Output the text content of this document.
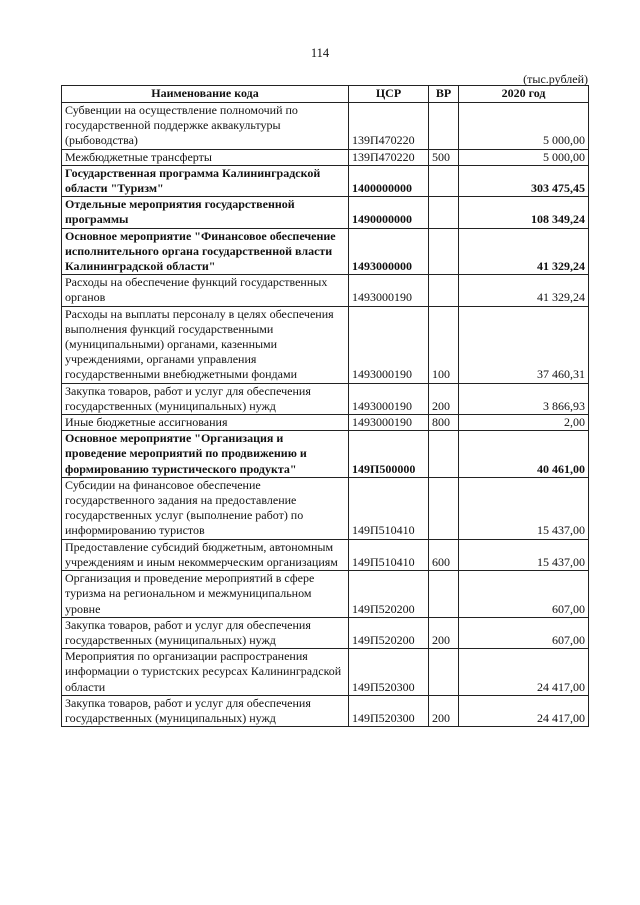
114
(тыс.рублей)
Наименование кода	ЦСР	ВР	2020 год
Субвенции на осуществление полномочий по государственной поддержке аквакультуры (рыбоводства)	139П470220		5 000,00
Межбюджетные трансферты	139П470220	500	5 000,00
Государственная программа Калининградской области "Туризм"	1400000000		303 475,45
Отдельные мероприятия государственной программы	1490000000		108 349,24
Основное мероприятие "Финансовое обеспечение исполнительного органа государственной власти Калининградской области"	1493000000		41 329,24
Расходы на обеспечение функций государственных органов	1493000190		41 329,24
Расходы на выплаты персоналу в целях обеспечения выполнения функций государственными (муниципальными) органами, казенными учреждениями, органами управления государственными внебюджетными фондами	1493000190	100	37 460,31
Закупка товаров, работ и услуг для обеспечения государственных (муниципальных) нужд	1493000190	200	3 866,93
Иные бюджетные ассигнования	1493000190	800	2,00
Основное мероприятие "Организация и проведение мероприятий по продвижению и формированию туристического продукта"	149П500000		40 461,00
Субсидии на финансовое обеспечение государственного задания на предоставление государственных услуг (выполнение работ) по информированию туристов	149П510410		15 437,00
Предоставление субсидий бюджетным, автономным учреждениям и иным некоммерческим организациям	149П510410	600	15 437,00
Организация и проведение мероприятий в сфере туризма на региональном и межмуниципальном уровне	149П520200		607,00
Закупка товаров, работ и услуг для обеспечения государственных (муниципальных) нужд	149П520200	200	607,00
Мероприятия по организации распространения информации о туристских ресурсах Калининградской области	149П520300		24 417,00
Закупка товаров, работ и услуг для обеспечения государственных (муниципальных) нужд	149П520300	200	24 417,00
